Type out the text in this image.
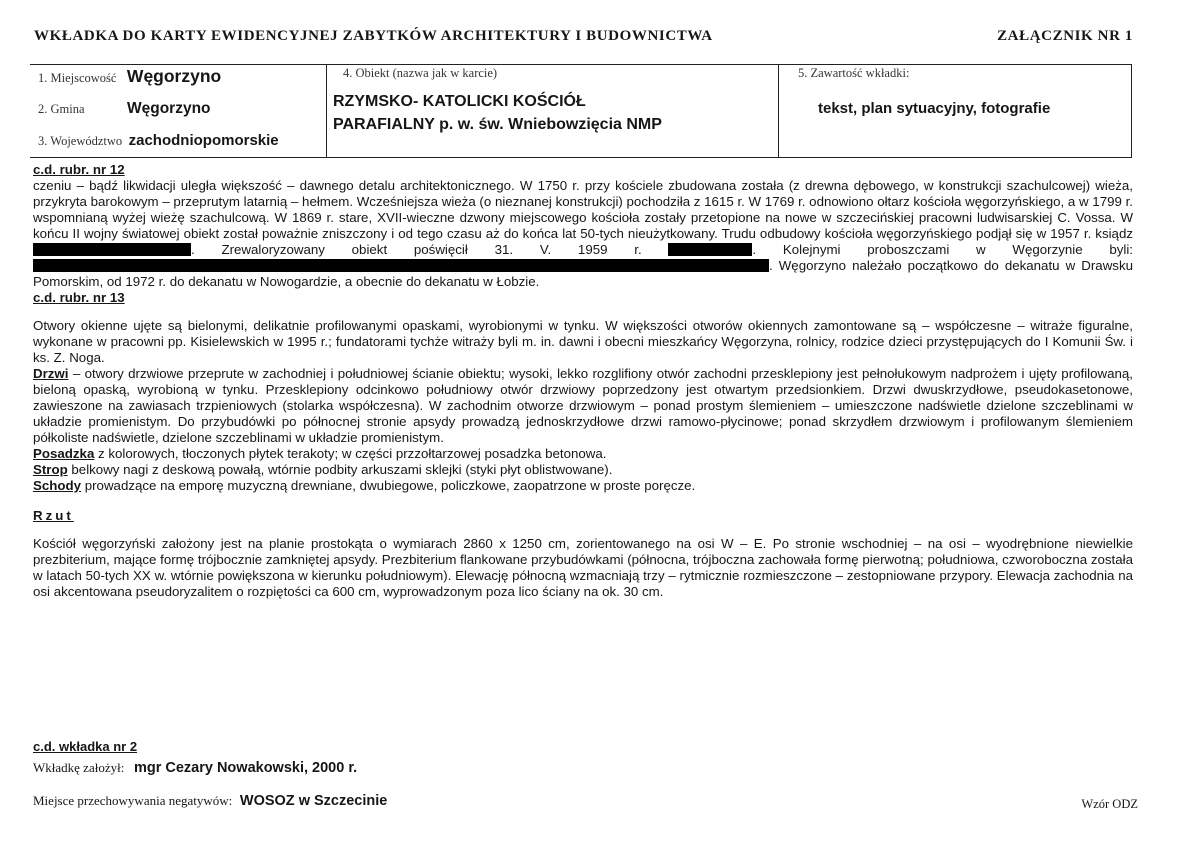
WKŁADKA DO KARTY EWIDENCYJNEJ ZABYTKÓW ARCHITEKTURY I BUDOWNICTWA	ZAŁĄCZNIK NR 1
1. Miejscowość Węgorzyno
2. Gmina	Węgorzyno
3. Województwo zachodniopomorskie
4. Obiekt (nazwa jak w karcie)
RZYMSKO- KATOLICKI KOŚCIÓŁ
PARAFIALNY p. w. św. Wniebowzięcia NMP
5. Zawartość wkładki:
tekst, plan sytuacyjny, fotografie
c.d. rubr. nr 12

czeniu – bądź likwidacji uległa większość – dawnego detalu architektonicznego. W 1750 r. przy kościele zbudowana została (z drewna dębowego, w konstrukcji szachulcowej) wieża, przykryta barokowym – przeprutym latarnią – hełmem. Wcześniejsza wieża (o nieznanej konstrukcji) pochodziła z 1615 r. W 1769 r. odnowiono ołtarz kościoła węgorzyńskiego, a w 1799 r. wspomnianą wyżej wieżę szachulcową. W 1869 r. stare, XVII-wieczne dzwony miejscowego kościoła zostały przetopione na nowe w szczecińskiej pracowni ludwisarskiej C. Vossa. W końcu II wojny światowej obiekt został poważnie zniszczony i od tego czasu aż do końca lat 50-tych nieużytkowany. Trudu odbudowy kościoła węgorzyńskiego podjął się w 1957 r. ksiądz . Zrewaloryzowany obiekt poświęcił 31. V. 1959 r.	. Kolejnymi proboszczami w Węgorzynie byli: . Węgorzyno należało początkowo do dekanatu w Drawsku Pomorskim, od 1972 r. do dekanatu w Nowogardzie, a obecnie do dekanatu w Łobzie.

c.d. rubr. nr 13

Otwory okienne ujęte są bielonymi, delikatnie profilowanymi opaskami, wyrobionymi w tynku. W większości otworów okiennych zamontowane są – współczesne – witraże figuralne, wykonane w pracowni pp. Kisielewskich w 1995 r.; fundatorami tychże witraży byli m. in. dawni i obecni mieszkańcy Węgorzyna, rolnicy, rodzice dzieci przystępujących do I Komunii Św. i ks. Z. Noga.

Drzwi – otwory drzwiowe przeprute w zachodniej i południowej ścianie obiektu; wysoki, lekko rozglifiony otwór zachodni przesklepiony jest pełnołukowym nadprożem i ujęty profilowaną, bieloną opaską, wyrobioną w tynku. Przesklepiony odcinkowo południowy otwór drzwiowy poprzedzony jest otwartym przedsionkiem. Drzwi dwuskrzydłowe, pseudokasetonowe, zawieszone na zawiasach trzpieniowych (stolarka współczesna). W zachodnim otworze drzwiowym – ponad prostym ślemieniem – umieszczone nadświetle dzielone szczeblinami w układzie promienistym. Do przybudówki po północnej stronie apsydy prowadzą jednoskrzydłowe drzwi ramowo-płycinowe; ponad skrzydłem drzwiowym i profilowanym ślemieniem półkoliste nadświetle, dzielone szczeblinami w układzie promienistym.

Posadzka z kolorowych, tłoczonych płytek terakoty; w części przzołtarzowej posadzka betonowa.

Strop belkowy nagi z deskową powałą, wtórnie podbity arkuszami sklejki (styki płyt oblistwowane).

Schody prowadzące na emporę muzyczną drewniane, dwubiegowe, policzkowe, zaopatrzone w proste poręcze.

Rzut

Kościół węgorzyński założony jest na planie prostokąta o wymiarach 2860 x 1250 cm, zorientowanego na osi W – E. Po stronie wschodniej – na osi – wyodrębnione niewielkie prezbiterium, mające formę trójbocznie zamkniętej apsydy. Prezbiterium flankowane przybudówkami (północna, trójboczna zachowała formę pierwotną; południowa, czworoboczna została w latach 50-tych XX w. wtórnie powiększona w kierunku południowym). Elewację północną wzmacniają trzy – rytmicznie rozmieszczone – zestopniowane przypory. Elewacja zachodnia na osi akcentowana pseudoryzalitem o rozpiętości ca 600 cm, wyprowadzonym poza lico ściany na ok. 30 cm.

c.d. wkładka nr 2
Wkładkę założył: mgr Cezary Nowakowski, 2000 r.
Miejsce przechowywania negatywów: WOSOZ w Szczecinie	Wzór ODZ
